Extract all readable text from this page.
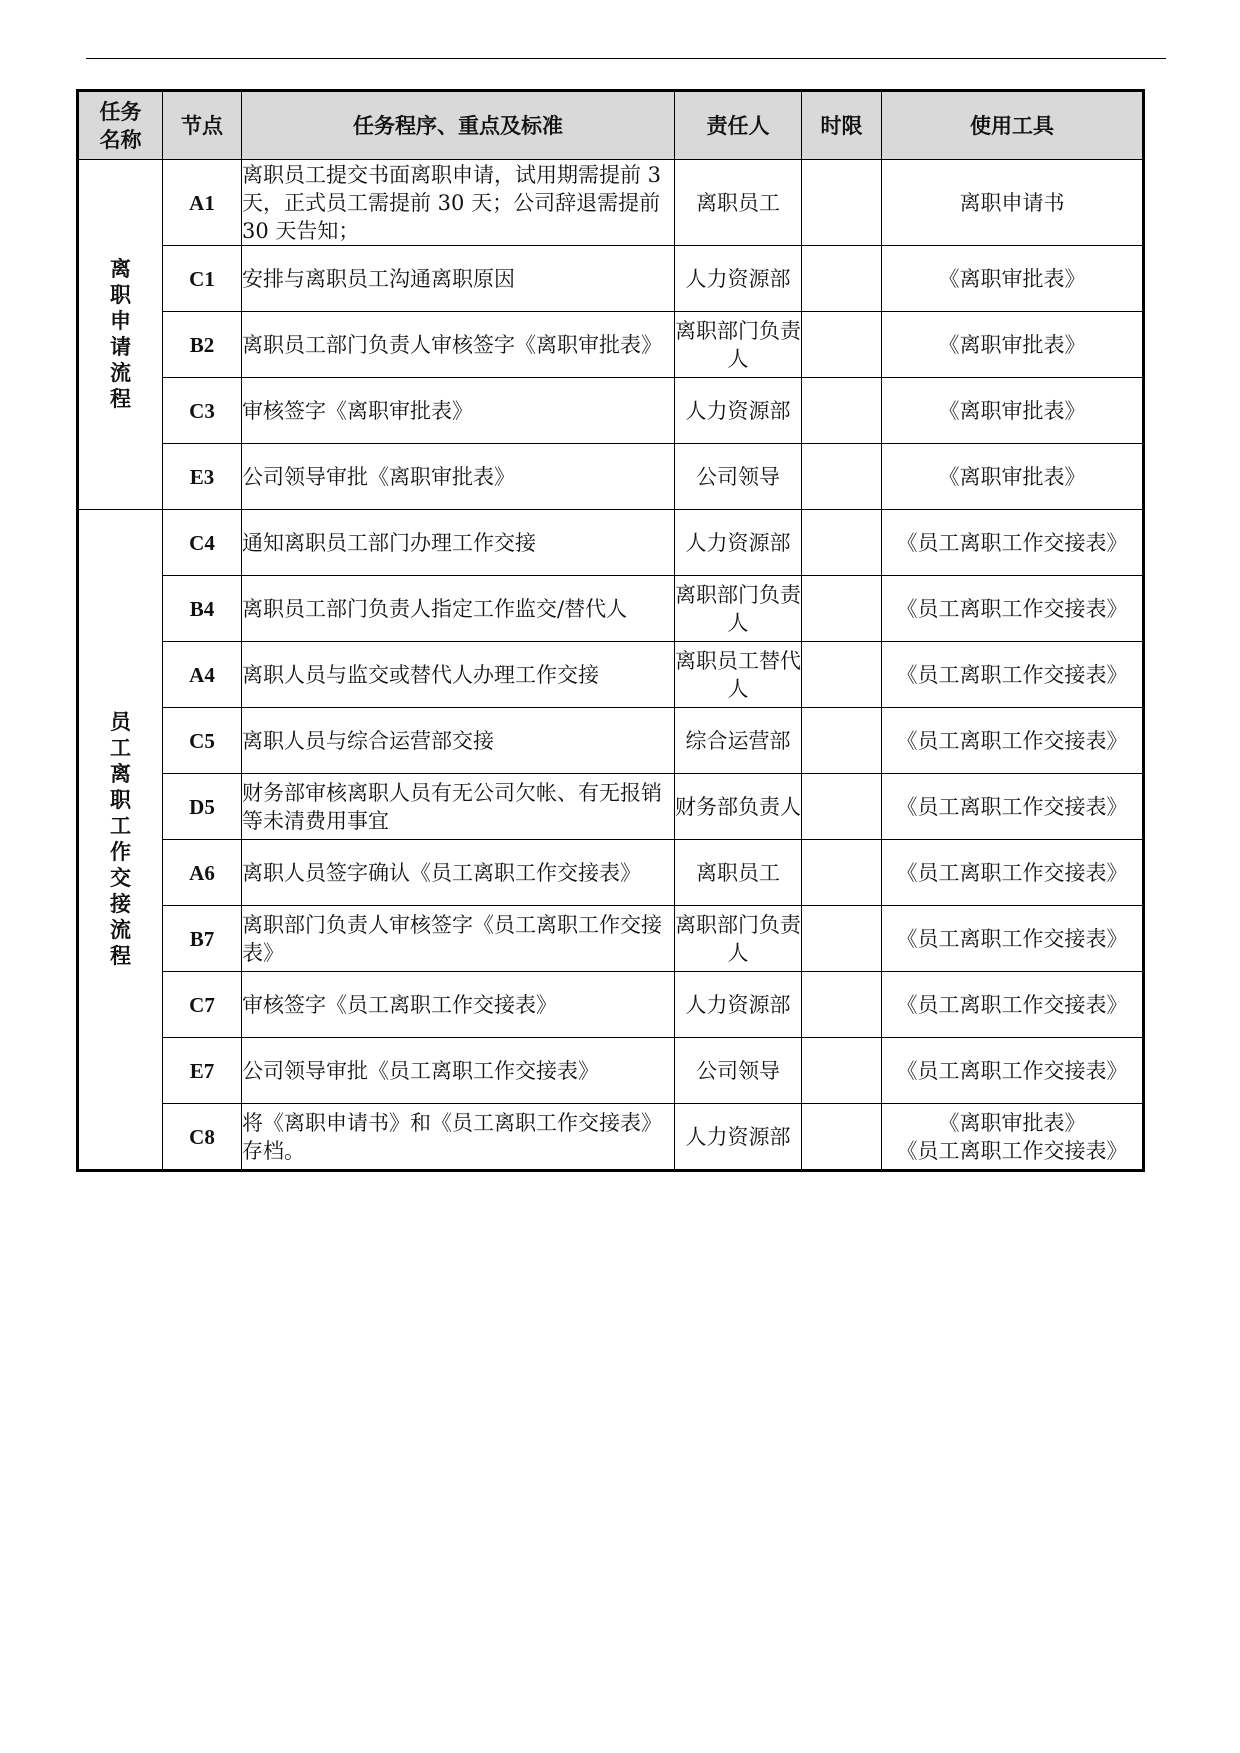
任务名称	节点	任务程序、重点及标准	责任人	时限	使用工具
离职申请流程	A1	离职员工提交书面离职申请，试用期需提前 3 天，正式员工需提前 30 天；公司辞退需提前 30 天告知；	离职员工		离职申请书

	C1	安排与离职员工沟通离职原因	人力资源部		《离职审批表》

	B2	离职员工部门负责人审核签字《离职审批表》	离职部门负责人		《离职审批表》

	C3	审核签字《离职审批表》	人力资源部		《离职审批表》

	E3	公司领导审批《离职审批表》	公司领导		《离职审批表》

员工离职工作交接流程	C4	通知离职员工部门办理工作交接	人力资源部		《员工离职工作交接表》

	B4	离职员工部门负责人指定工作监交/替代人	离职部门负责人		《员工离职工作交接表》

	A4	离职人员与监交或替代人办理工作交接	离职员工替代人		《员工离职工作交接表》

	C5	离职人员与综合运营部交接	综合运营部		《员工离职工作交接表》

	D5	财务部审核离职人员有无公司欠帐、有无报销等未清费用事宜	财务部负责人		《员工离职工作交接表》

	A6	离职人员签字确认《员工离职工作交接表》	离职员工		《员工离职工作交接表》

	B7	离职部门负责人审核签字《员工离职工作交接表》	离职部门负责人		《员工离职工作交接表》

	C7	审核签字《员工离职工作交接表》	人力资源部		《员工离职工作交接表》

	E7	公司领导审批《员工离职工作交接表》	公司领导		《员工离职工作交接表》

	C8	将《离职申请书》和《员工离职工作交接表》存档。	人力资源部		《离职审批表》
《员工离职工作交接表》
